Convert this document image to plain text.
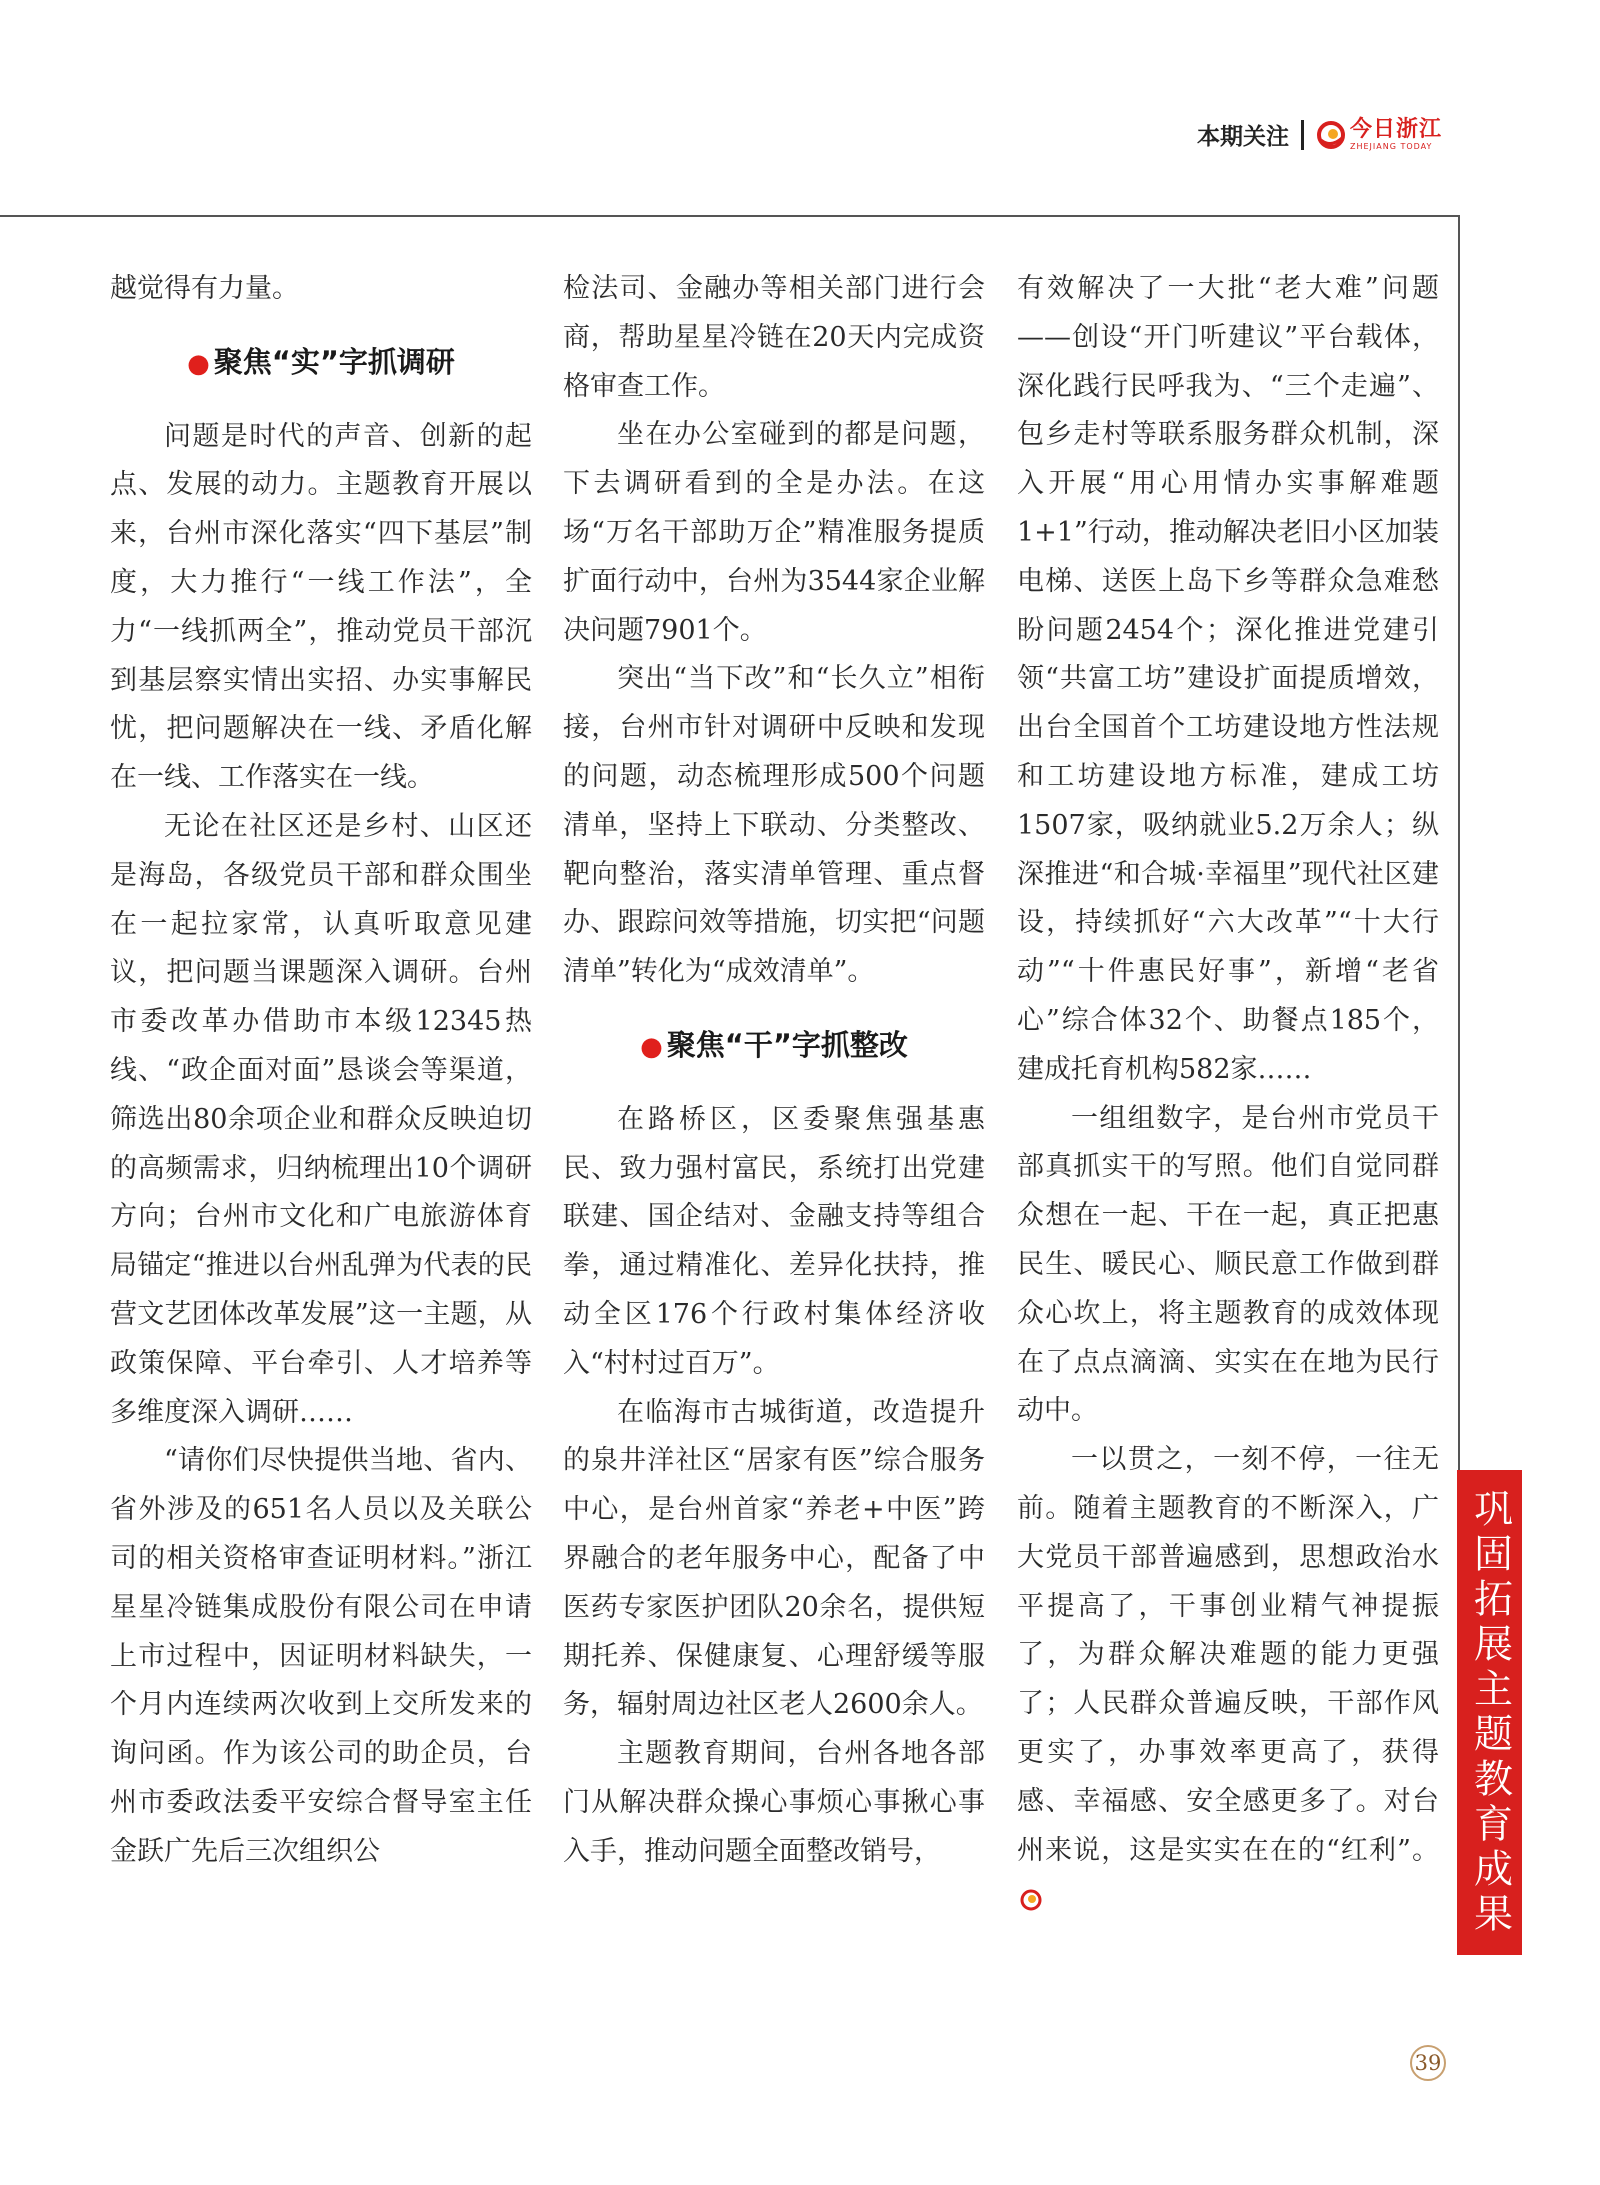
本期关注	今日浙江
ZHEJIANG TODAY

越觉得有力量。

● 聚焦“实”字抓调研

问题是时代的声音、创新的起点、发展的动力。主题教育开展以来，台州市深化落实“四下基层”制度，大力推行“一线工作法”，全力“一线抓两全”，推动党员干部沉到基层察实情出实招、办实事解民忧，把问题解决在一线、矛盾化解在一线、工作落实在一线。

无论在社区还是乡村、山区还是海岛，各级党员干部和群众围坐在一起拉家常，认真听取意见建议，把问题当课题深入调研。台州市委改革办借助市本级12345热线、“政企面对面”恳谈会等渠道，筛选出80余项企业和群众反映迫切的高频需求，归纳梳理出10个调研方向；台州市文化和广电旅游体育局锚定“推进以台州乱弹为代表的民营文艺团体改革发展”这一主题，从政策保障、平台牵引、人才培养等多维度深入调研……

“请你们尽快提供当地、省内、省外涉及的651名人员以及关联公司的相关资格审查证明材料。”浙江星星冷链集成股份有限公司在申请上市过程中，因证明材料缺失，一个月内连续两次收到上交所发来的询问函。作为该公司的助企员，台州市委政法委平安综合督导室主任金跃广先后三次组织公

检法司、金融办等相关部门进行会商，帮助星星冷链在20天内完成资格审查工作。

坐在办公室碰到的都是问题，下去调研看到的全是办法。在这场“万名干部助万企”精准服务提质扩面行动中，台州为3544家企业解决问题7901个。

突出“当下改”和“长久立”相衔接，台州市针对调研中反映和发现的问题，动态梳理形成500个问题清单，坚持上下联动、分类整改、靶向整治，落实清单管理、重点督办、跟踪问效等措施，切实把“问题清单”转化为“成效清单”。

● 聚焦“干”字抓整改

在路桥区，区委聚焦强基惠民、致力强村富民，系统打出党建联建、国企结对、金融支持等组合拳，通过精准化、差异化扶持，推动全区176个行政村集体经济收入“村村过百万”。

在临海市古城街道，改造提升的泉井洋社区“居家有医”综合服务中心，是台州首家“养老+中医”跨界融合的老年服务中心，配备了中医药专家医护团队20余名，提供短期托养、保健康复、心理舒缓等服务，辐射周边社区老人2600余人。

主题教育期间，台州各地各部门从解决群众操心事烦心事揪心事入手，推动问题全面整改销号，

有效解决了一大批“老大难”问题——创设“开门听建议”平台载体，深化践行民呼我为、“三个走遍”、包乡走村等联系服务群众机制，深入开展“用心用情办实事解难题1+1”行动，推动解决老旧小区加装电梯、送医上岛下乡等群众急难愁盼问题2454个；深化推进党建引领“共富工坊”建设扩面提质增效，出台全国首个工坊建设地方性法规和工坊建设地方标准，建成工坊1507家，吸纳就业5.2万余人；纵深推进“和合城·幸福里”现代社区建设，持续抓好“六大改革”“十大行动”“十件惠民好事”，新增“老省心”综合体32个、助餐点185个，建成托育机构582家……

一组组数字，是台州市党员干部真抓实干的写照。他们自觉同群众想在一起、干在一起，真正把惠民生、暖民心、顺民意工作做到群众心坎上，将主题教育的成效体现在了点点滴滴、实实在在地为民行动中。

一以贯之，一刻不停，一往无前。随着主题教育的不断深入，广大党员干部普遍感到，思想政治水平提高了，干事创业精气神提振了，为群众解决难题的能力更强了；人民群众普遍反映，干部作风更实了，办事效率更高了，获得感、幸福感、安全感更多了。对台州来说，这是实实在在的“红利”。 巩固拓展主题教育成果
39
